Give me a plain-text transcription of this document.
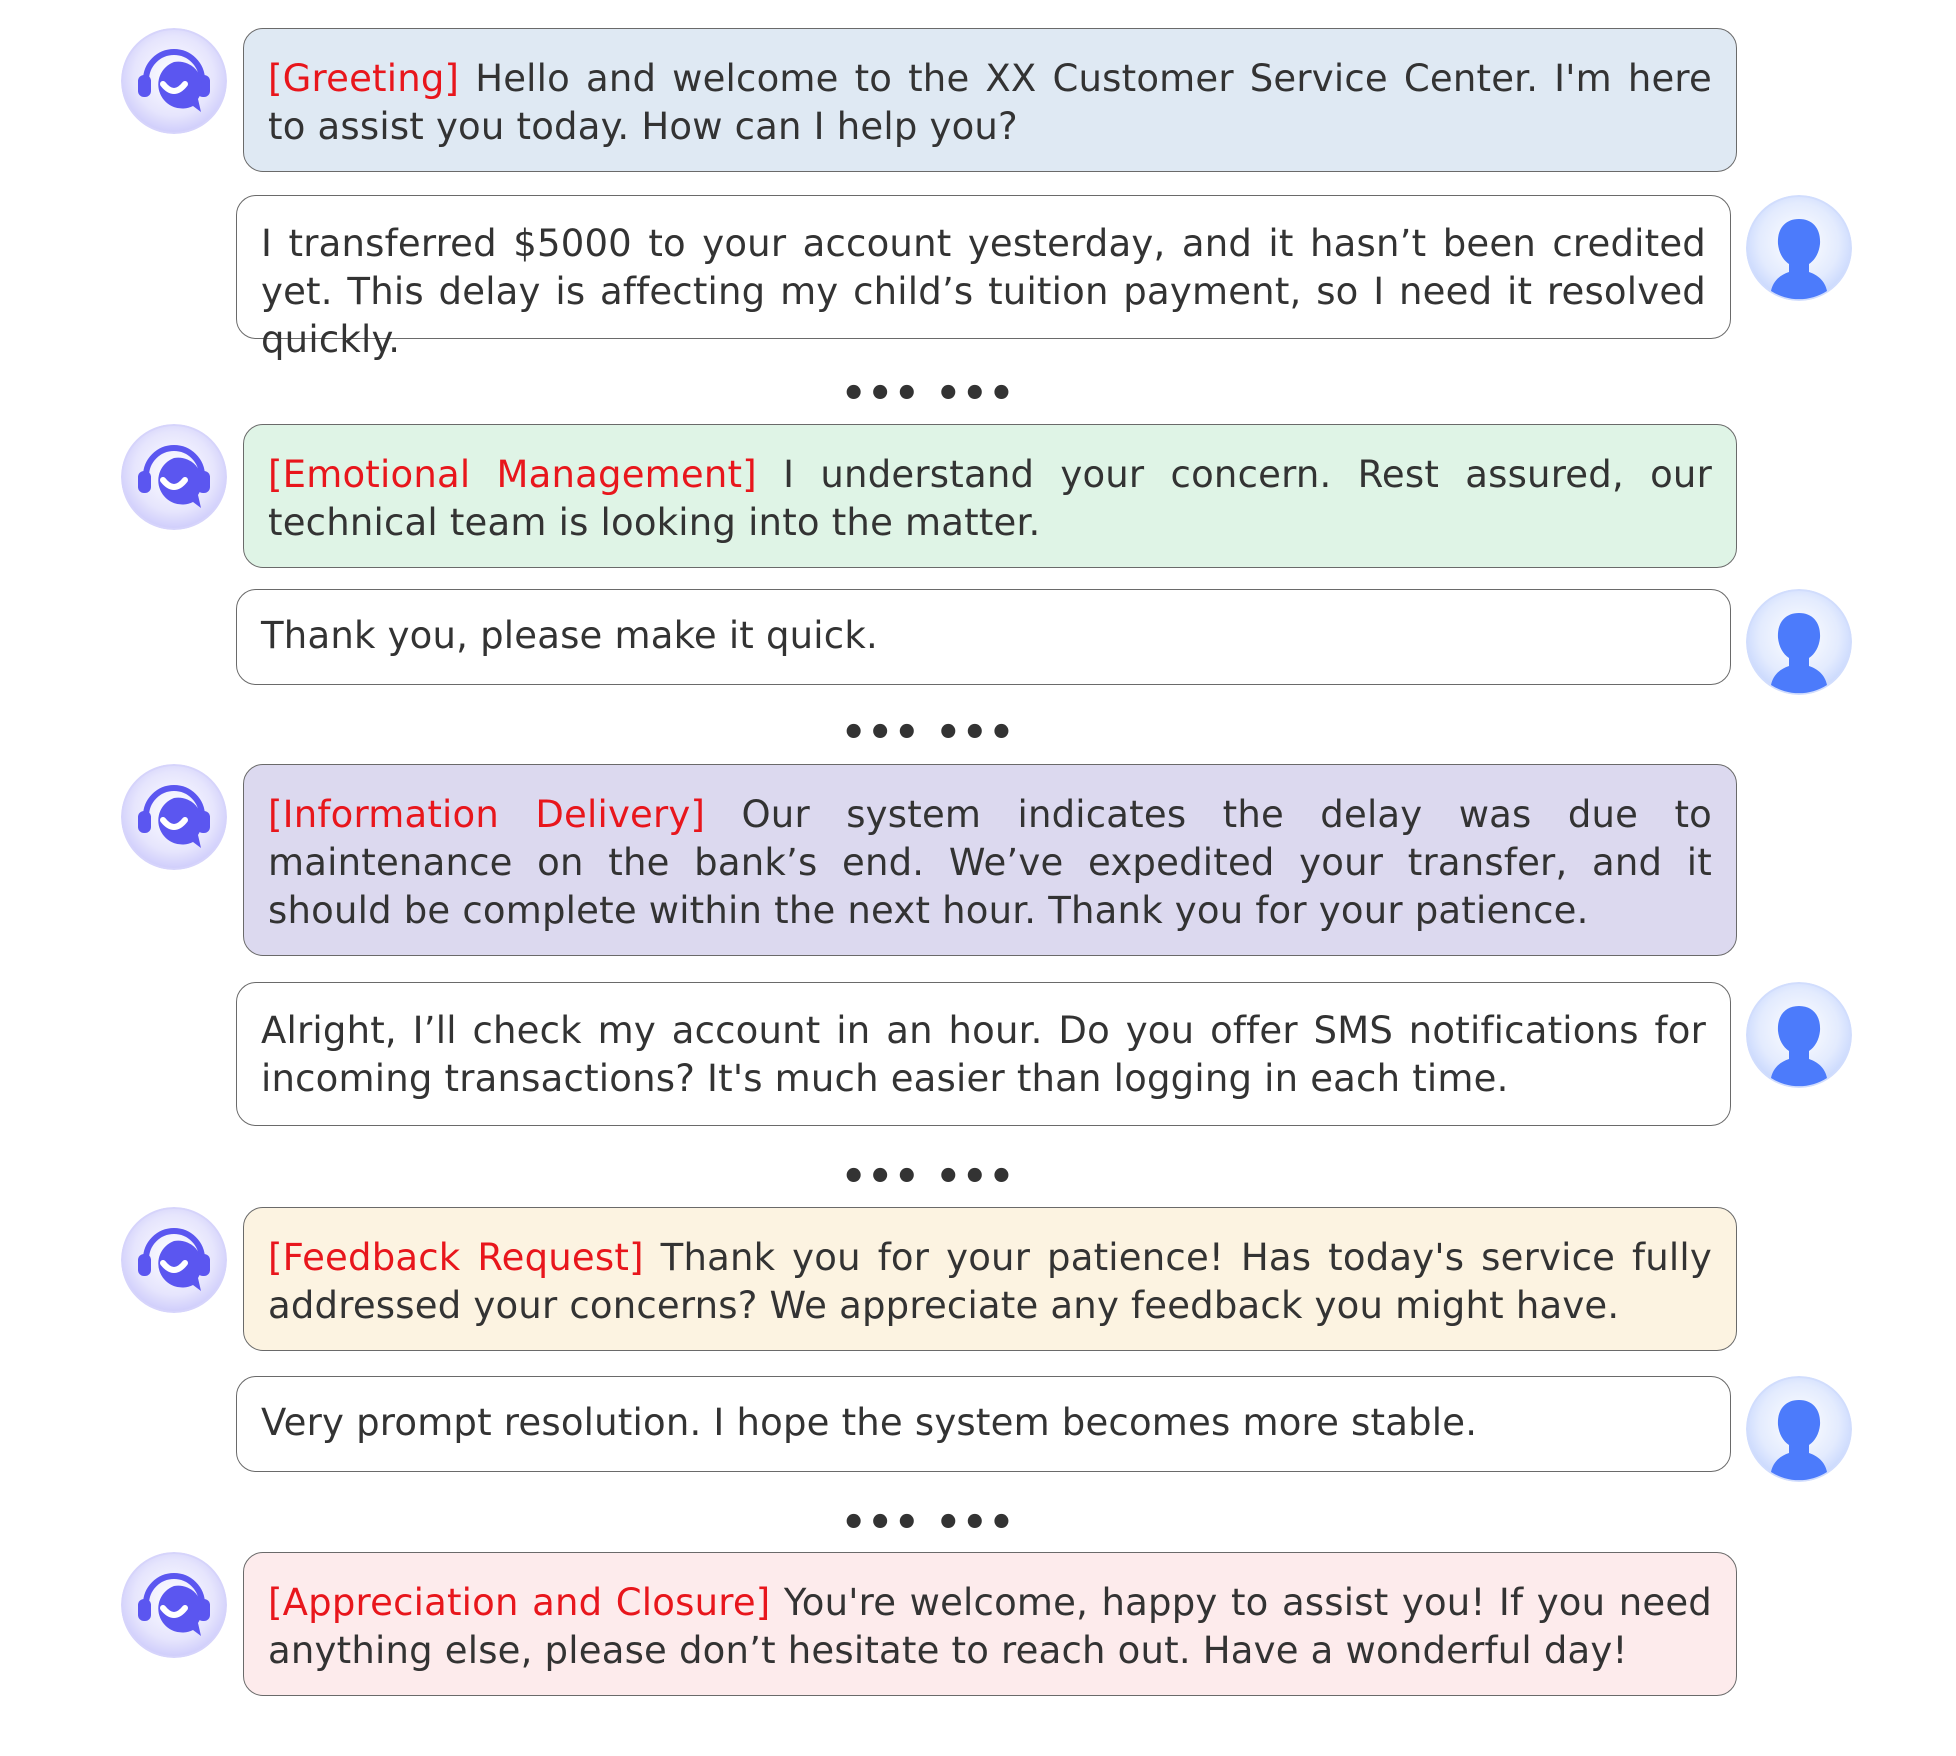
[Greeting] Hello and welcome to the XX Customer Service Center. I'm here to assist you today. How can I help you?
I transferred $5000 to your account yesterday, and it hasn’t been credited yet. This delay is affecting my child’s tuition payment, so I need it resolved quickly.
••• •••
[Emotional Management] I understand your concern. Rest assured, our technical team is looking into the matter.
Thank you, please make it quick.
••• •••
[Information Delivery] Our system indicates the delay was due to maintenance on the bank’s end. We’ve expedited your transfer, and it should be complete within the next hour. Thank you for your patience.
Alright, I’ll check my account in an hour. Do you offer SMS notifications for incoming transactions? It's much easier than logging in each time.
••• •••
[Feedback Request] Thank you for your patience! Has today's service fully addressed your concerns? We appreciate any feedback you might have.
Very prompt resolution. I hope the system becomes more stable.
••• •••
[Appreciation and Closure] You're welcome, happy to assist you! If you need anything else, please don’t hesitate to reach out. Have a wonderful day!
